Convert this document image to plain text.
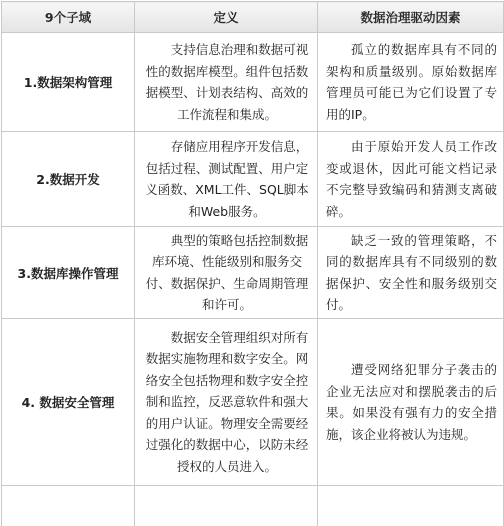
9个子域	定义	数据治理驱动因素
1.数据架构管理	支持信息治理和数据可视性的数据库模型。组件包括数据模型、计划表结构、高效的工作流程和集成。	孤立的数据库具有不同的架构和质量级别。原始数据库管理员可能已为它们设置了专用的IP。

2.数据开发	存储应用程序开发信息，包括过程、测试配置、用户定义函数、XML工件、SQL脚本和Web服务。	由于原始开发人员工作改变或退休，因此可能文档记录不完整导致编码和猜测支离破碎。

3.数据库操作管理	典型的策略包括控制数据库环境、性能级别和服务交付、数据保护、生命周期管理和许可。	缺乏一致的管理策略，不同的数据库具有不同级别的数据保护、安全性和服务级别交付。

4. 数据安全管理	数据安全管理组织对所有数据实施物理和数字安全。网络安全包括物理和数字安全控制和监控，反恶意软件和强大的用户认证。物理安全需要经过强化的数据中心，以防未经授权的人员进入。	遭受网络犯罪分子袭击的企业无法应对和摆脱袭击的后果。如果没有强有力的安全措施，该企业将被认为违规。
